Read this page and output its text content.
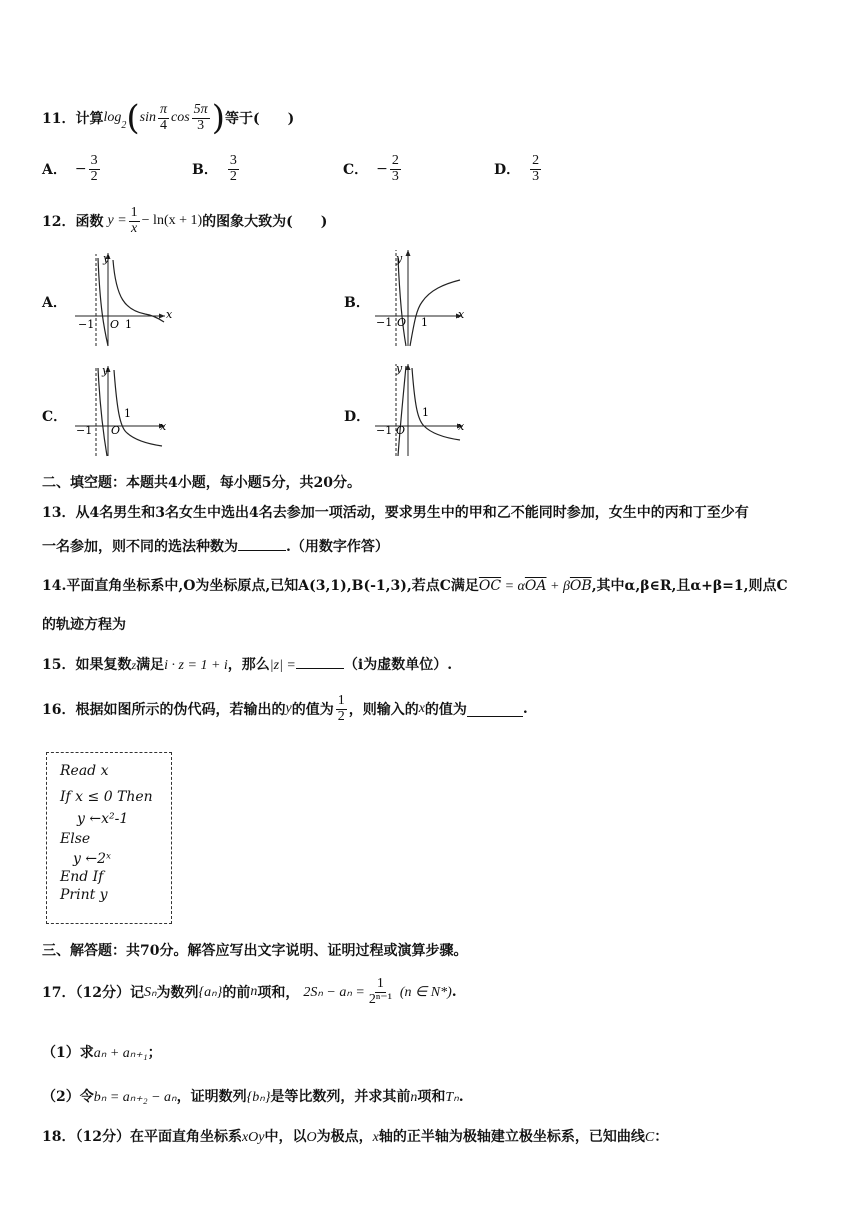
11． 计算 $\log_2$ ( $\sin \frac{\pi}{4}$ $\cos \frac{5\pi}{3}$ ) 等于(　　)
A． − $\frac{3}{2}$	B． $\frac{3}{2}$	C． − $\frac{2}{3}$	D． $\frac{2}{3}$
12． 函数 $y = \frac{1}{x} - \ln(x + 1)$ 的图象大致为(　　)
A．
y
x
−1 O 1
B．
y
x
−1 O 1
C．
y
x
−1 O
1	D．
y
x
−1 O
1
二、填空题：本题共4小题，每小题5分，共20分。
13．从4名男生和3名女生中选出4名去参加一项活动，要求男生中的甲和乙不能同时参加，女生中的丙和丁至少有
一名参加，则不同的选法种数为	.（用数字作答）
14.平面直角坐标系中,O为坐标原点,已知A(3,1),B(-1,3),若点C满足$\overline{OC} = \alpha\overline{OA} + \beta\overline{OB}$,其中α,β∈R,且α+β=1,则点C
的轨迹方程为
15．如果复数z满足i · z = 1 + i，那么|z| =	（i为虚数单位）.
16．根据如图所示的伪代码，若输出的 y 的值为 $\frac{1}{2}$ ，则输入的 x 的值为	.
Read x
If x ≤ 0 Then
y ←x²-1
Else
y ←2ˣ
End If
Print y
三、解答题：共70分。解答应写出文字说明、证明过程或演算步骤。
17．（12分）记 Sₙ 为数列 {aₙ} 的前 n 项和， $2S_n - a_n = \frac{1}{\text{2ⁿ⁻¹}} (n$ ∈ N*) .
（1）求aₙ + aₙ₊₁；
（2）令bₙ = aₙ₊₂ − aₙ，证明数列{bₙ}是等比数列，并求其前n项和Tₙ.
18．（12分）在平面直角坐标系xOy中，以O为极点，x轴的正半轴为极轴建立极坐标系，已知曲线C：
